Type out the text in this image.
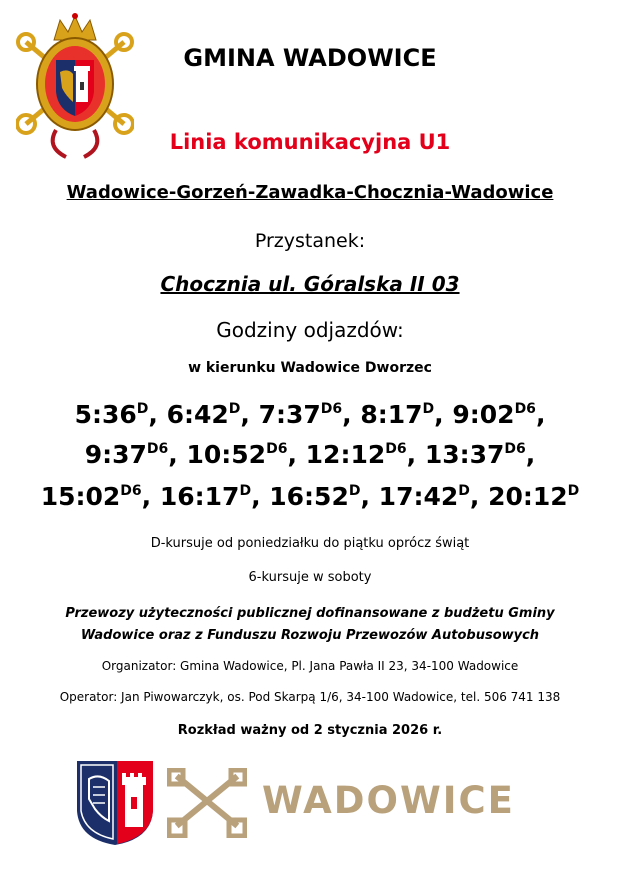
GMINA WADOWICE
Linia komunikacyjna U1
Wadowice-Gorzeń-Zawadka-Chocznia-Wadowice
Przystanek:
Chocznia ul. Góralska II 03
Godziny odjazdów:
w kierunku Wadowice Dworzec
$5:36^D$, $6:42^D$, $7:37^{D6}$, $8:17^D$, $9:02^{D6}$,
$9:37^{D6}$, $10:52^{D6}$, $12:12^{D6}$, $13:37^{D6}$,
$15:02^{D6}$, $16:17^D$, $16:52^D$, $17:42^D$, $20:12^D$
D-kursuje od poniedziałku do piątku oprócz świąt
6-kursuje w soboty
Przewozy użyteczności publicznej dofinansowane z budżetu Gminy Wadowice oraz z Funduszu Rozwoju Przewozów Autobusowych
Organizator: Gmina Wadowice, Pl. Jana Pawła II 23, 34-100 Wadowice
Operator: Jan Piwowarczyk, os. Pod Skarpą 1/6, 34-100 Wadowice, tel. 506 741 138
Rozkład ważny od 2 stycznia 2026 r.
WADOWICE
